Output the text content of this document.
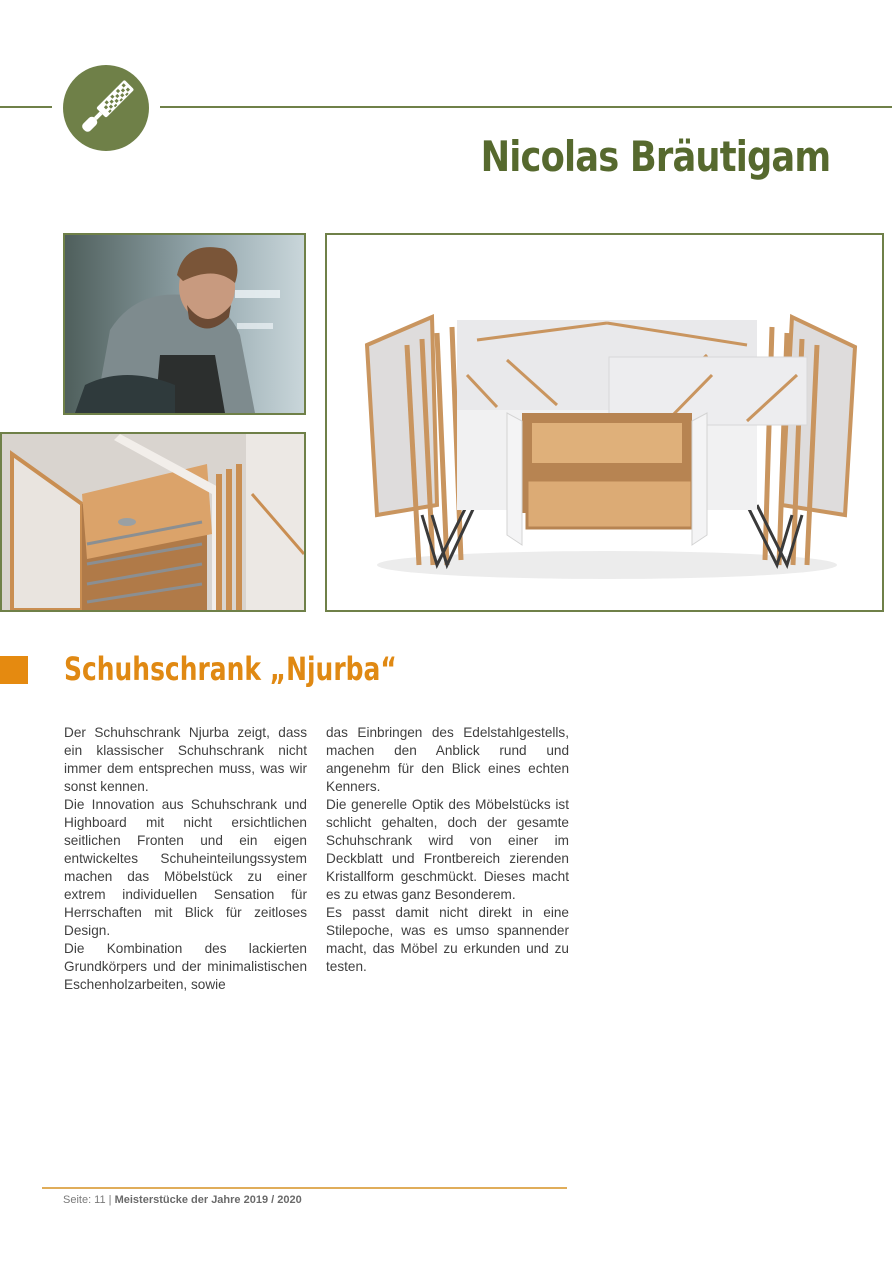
Nicolas Bräutigam
Schuhschrank „Njurba“

Der Schuhschrank Njurba zeigt, dass ein klassischer Schuhschrank nicht immer dem entsprechen muss, was wir sonst kennen.

Die Innovation aus Schuhschrank und Highboard mit nicht ersichtlichen seitlichen Fronten und ein eigen entwickeltes Schuheinteilungssystem machen das Möbelstück zu einer extrem individuellen Sensation für Herrschaften mit Blick für zeitloses Design.

Die Kombination des lackierten Grundkörpers und der minimalistischen Eschenholzarbeiten, sowie

das Einbringen des Edelstahlgestells, machen den Anblick rund und angenehm für den Blick eines echten Kenners.

Die generelle Optik des Möbelstücks ist schlicht gehalten, doch der gesamte Schuhschrank wird von einer im Deckblatt und Frontbereich zierenden Kristallform geschmückt. Dieses macht es zu etwas ganz Besonderem.

Es passt damit nicht direkt in eine Stilepoche, was es umso spannender macht, das Möbel zu erkunden und zu testen.

Seite: 11 | Meisterstücke der Jahre 2019 / 2020
